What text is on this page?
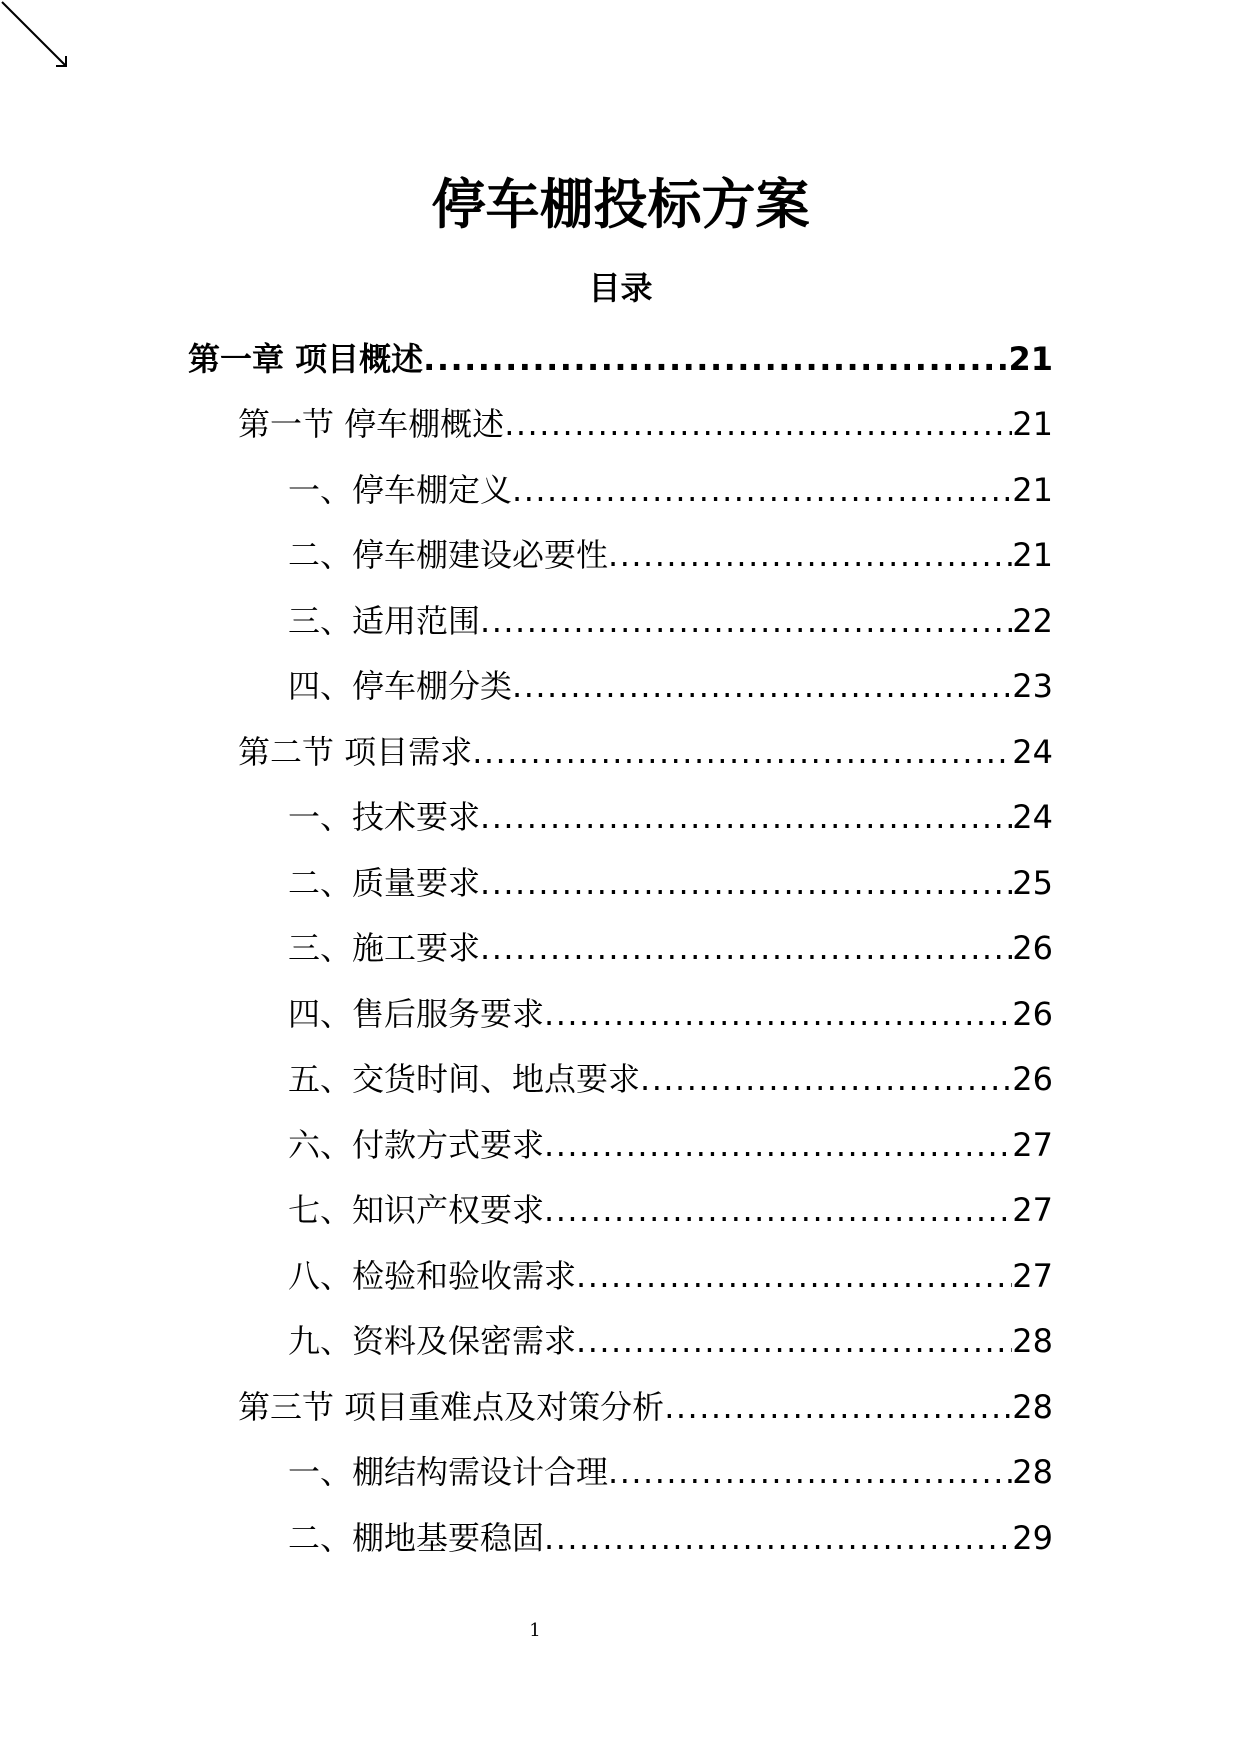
停车棚投标方案
目录
第一章 项目概述 .....	21
第一节 停车棚概述 .....	21
一、停车棚定义 .....	21
二、停车棚建设必要性 .....	21
三、适用范围 .....	22
四、停车棚分类 .....	23
第二节 项目需求 .....	24
一、技术要求 .....	24
二、质量要求 .....	25
三、施工要求 .....	26
四、售后服务要求 .....	26
五、交货时间、地点要求 .....	26
六、付款方式要求 .....	27
七、知识产权要求 .....	27
八、检验和验收需求 .....	27
九、资料及保密需求 .....	28
第三节 项目重难点及对策分析 .....	28
一、棚结构需设计合理 .....	28
二、棚地基要稳固 .....	29
1
